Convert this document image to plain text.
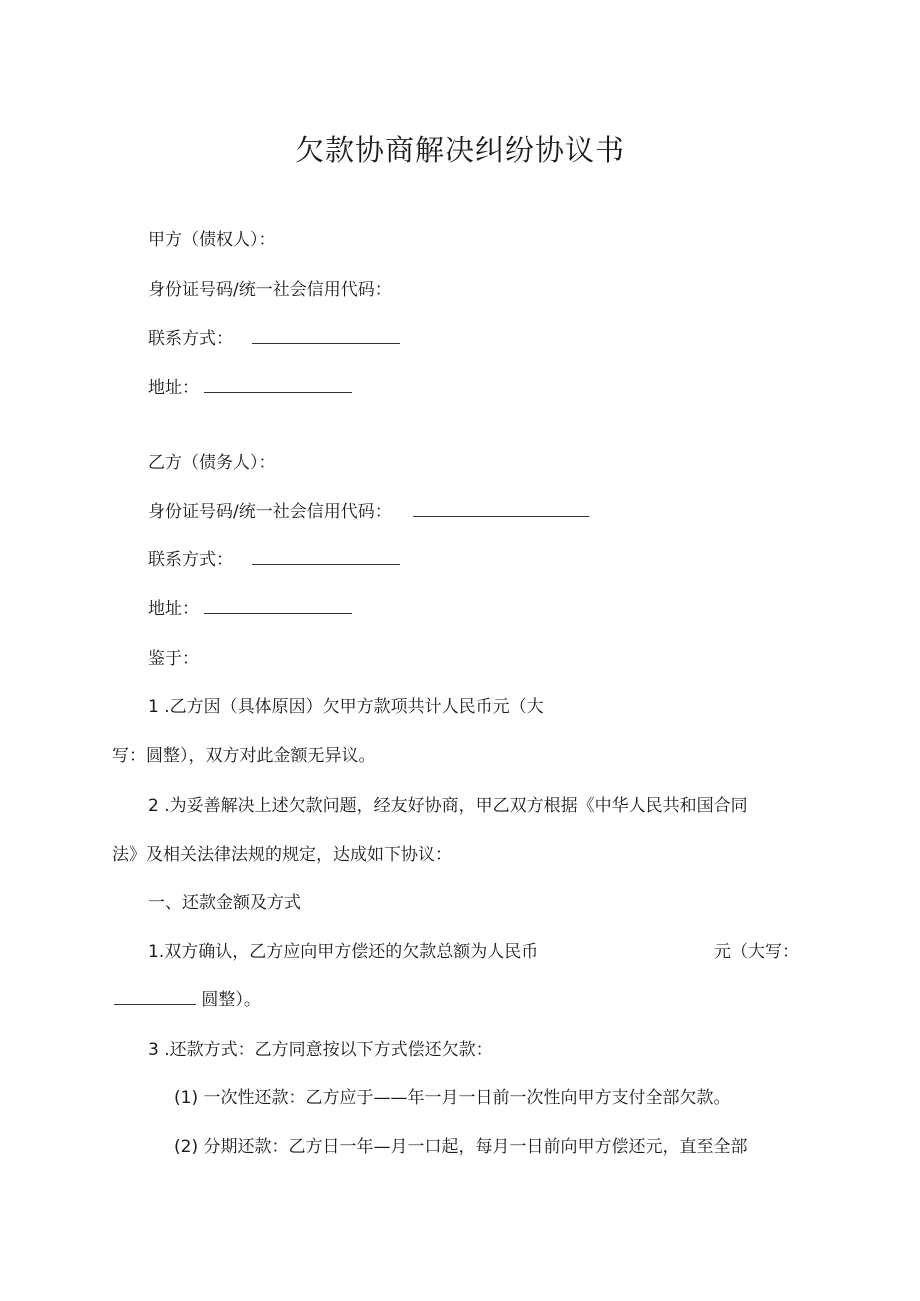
欠款协商解决纠纷协议书
甲方（债权人）：
身份证号码/统一社会信用代码：
联系方式：
地址：
乙方（债务人）：
身份证号码/统一社会信用代码：
联系方式：
地址：
鉴于：
1 .乙方因（具体原因）欠甲方款项共计人民币元（大
写：圆整），双方对此金额无异议。
2 .为妥善解决上述欠款问题，经友好协商，甲乙双方根据《中华人民共和国合同
法》及相关法律法规的规定，达成如下协议：
一、还款金额及方式
1.双方确认，乙方应向甲方偿还的欠款总额为人民币	元（大写：
圆整）。
3 .还款方式：乙方同意按以下方式偿还欠款：
(1) 一次性还款：乙方应于——年一月一日前一次性向甲方支付全部欠款。
(2) 分期还款：乙方日一年—月一口起，每月一日前向甲方偿还元，直至全部
